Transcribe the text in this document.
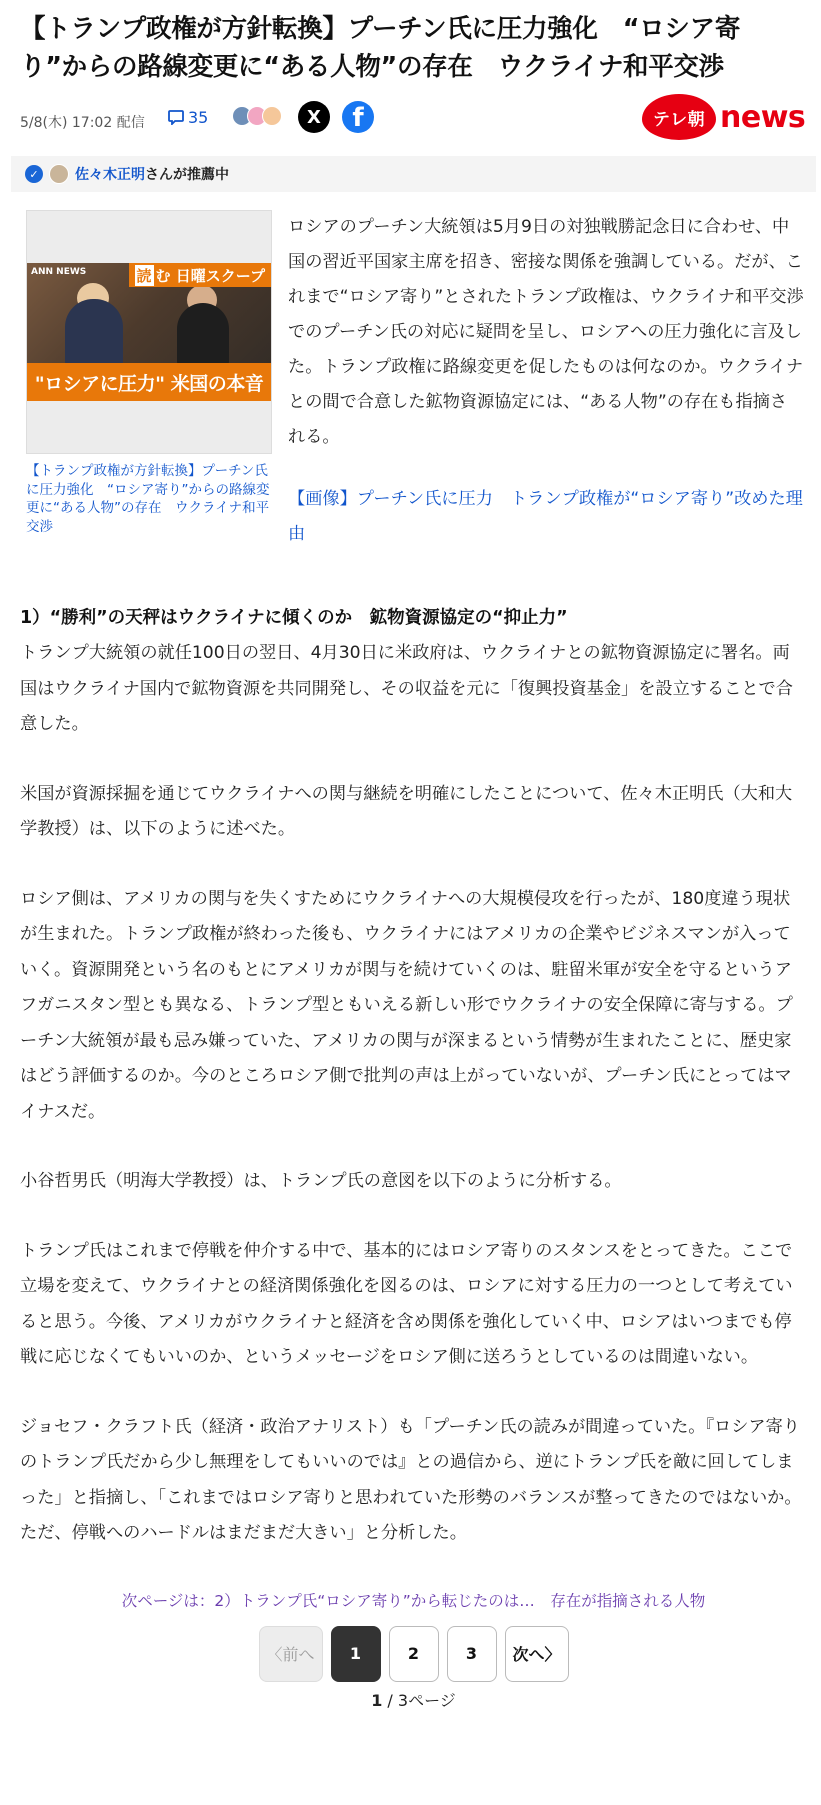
【トランプ政権が方針転換】プーチン氏に圧力強化　“ロシア寄り”からの路線変更に“ある人物”の存在　ウクライナ和平交渉
5/8(木) 17:02 配信	35	X f	テレ朝 news
✓	佐々木正明 さんが推薦中
ANN NEWS	読 む 日曜スクープ
"ロシアに圧力" 米国の本音
【トランプ政権が方針転換】プーチン氏に圧力強化　“ロシア寄り”からの路線変更に“ある人物”の存在　ウクライナ和平交渉

ロシアのプーチン大統領は5月9日の対独戦勝記念日に合わせ、中国の習近平国家主席を招き、密接な関係を強調している。だが、これまで“ロシア寄り”とされたトランプ政権は、ウクライナ和平交渉でのプーチン氏の対応に疑問を呈し、ロシアへの圧力強化に言及した。トランプ政権に路線変更を促したものは何なのか。ウクライナとの間で合意した鉱物資源協定には、“ある人物”の存在も指摘される。

【画像】プーチン氏に圧力　トランプ政権が“ロシア寄り”改めた理由
1）“勝利”の天秤はウクライナに傾くのか　鉱物資源協定の“抑止力”

トランプ大統領の就任100日の翌日、4月30日に米政府は、ウクライナとの鉱物資源協定に署名。両国はウクライナ国内で鉱物資源を共同開発し、その収益を元に「復興投資基金」を設立することで合意した。

米国が資源採掘を通じてウクライナへの関与継続を明確にしたことについて、佐々木正明氏（大和大学教授）は、以下のように述べた。

ロシア側は、アメリカの関与を失くすためにウクライナへの大規模侵攻を行ったが、180度違う現状が生まれた。トランプ政権が終わった後も、ウクライナにはアメリカの企業やビジネスマンが入っていく。資源開発という名のもとにアメリカが関与を続けていくのは、駐留米軍が安全を守るというアフガニスタン型とも異なる、トランプ型ともいえる新しい形でウクライナの安全保障に寄与する。プーチン大統領が最も忌み嫌っていた、アメリカの関与が深まるという情勢が生まれたことに、歴史家はどう評価するのか。今のところロシア側で批判の声は上がっていないが、プーチン氏にとってはマイナスだ。

小谷哲男氏（明海大学教授）は、トランプ氏の意図を以下のように分析する。

トランプ氏はこれまで停戦を仲介する中で、基本的にはロシア寄りのスタンスをとってきた。ここで立場を変えて、ウクライナとの経済関係強化を図るのは、ロシアに対する圧力の一つとして考えていると思う。今後、アメリカがウクライナと経済を含め関係を強化していく中、ロシアはいつまでも停戦に応じなくてもいいのか、というメッセージをロシア側に送ろうとしているのは間違いない。

ジョセフ・クラフト氏（経済・政治アナリスト）も「プーチン氏の読みが間違っていた。『ロシア寄りのトランプ氏だから少し無理をしてもいいのでは』との過信から、逆にトランプ氏を敵に回してしまった」と指摘し、「これまではロシア寄りと思われていた形勢のバランスが整ってきたのではないか。ただ、停戦へのハードルはまだまだ大きい」と分析した。

次ページは：2）トランプ氏“ロシア寄り”から転じたのは…　存在が指摘される人物
〈前へ	1	2	3	次へ〉
1 / 3ページ
